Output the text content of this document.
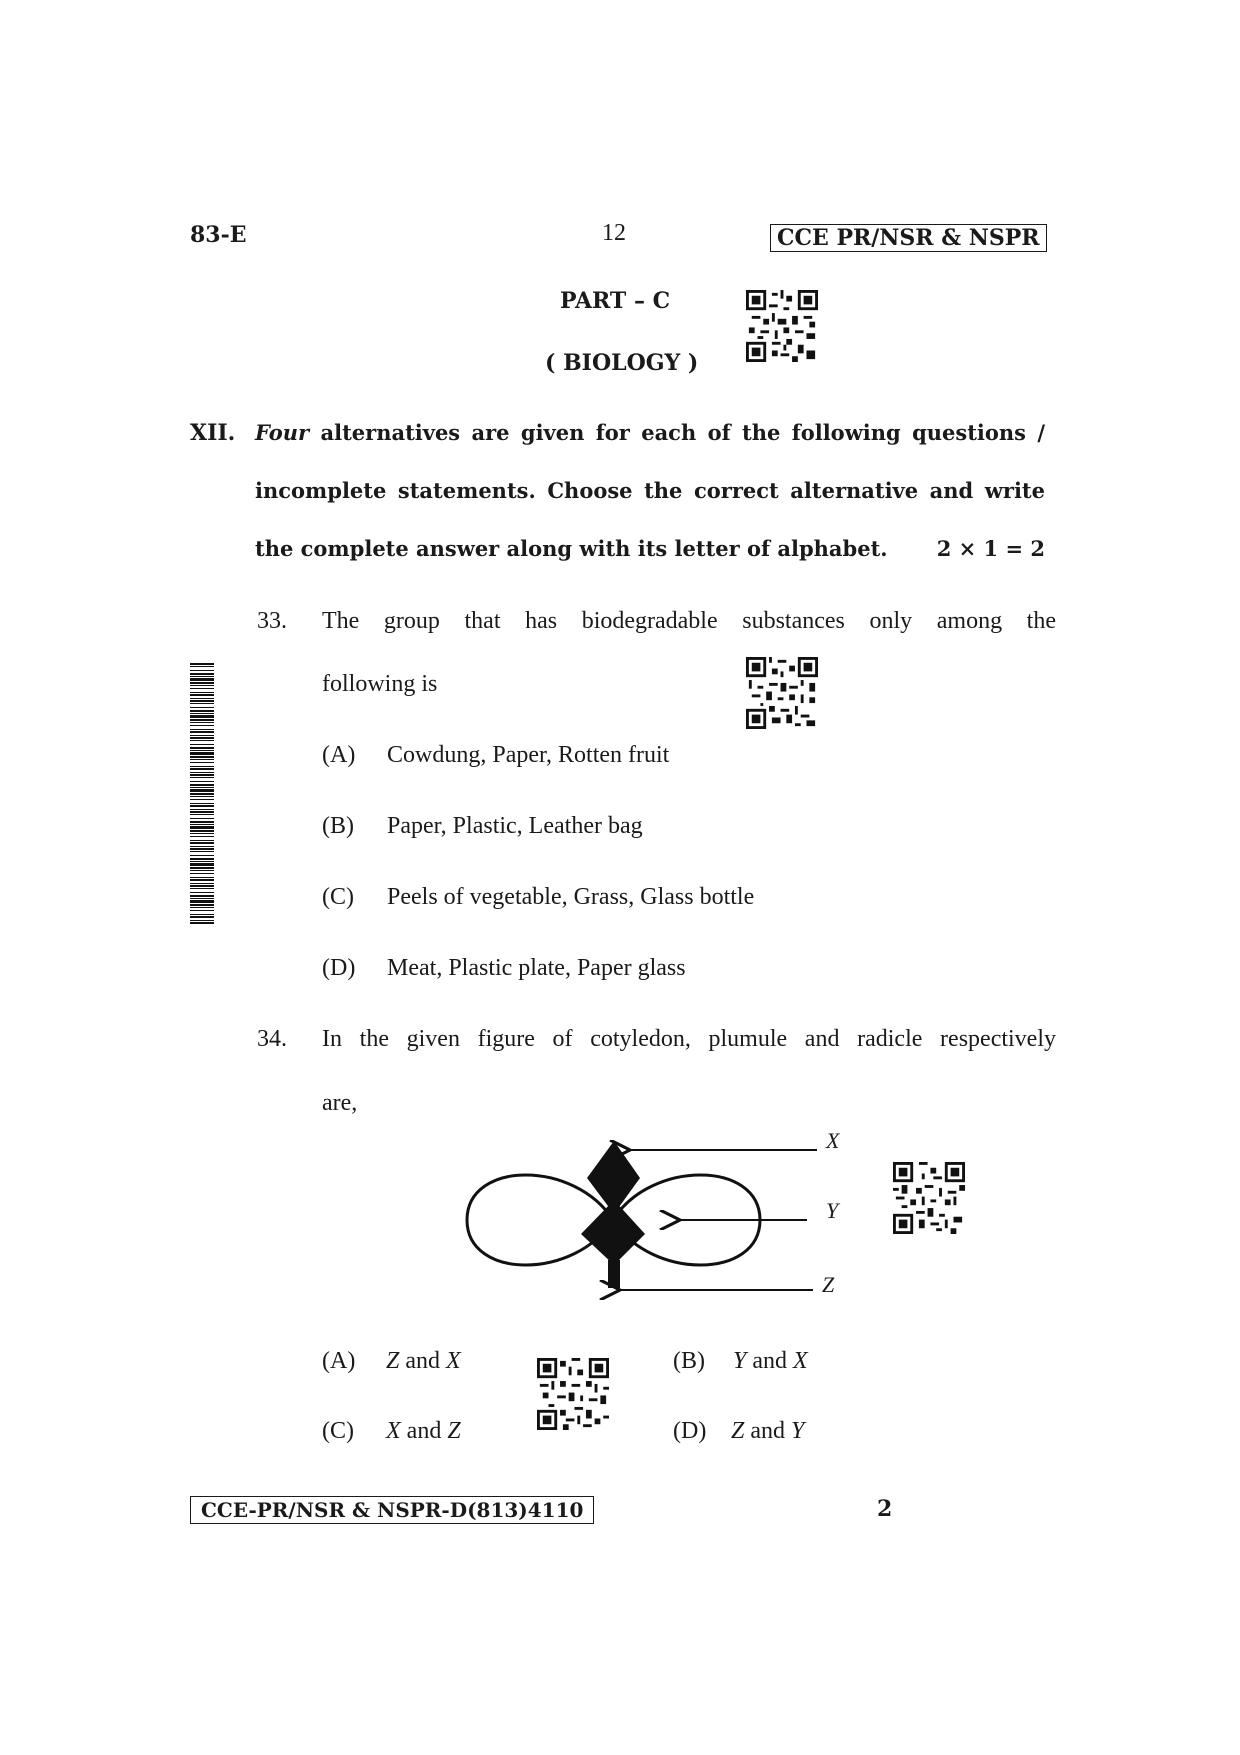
83-E	12	CCE PR/NSR & NSPR
PART – C
( BIOLOGY )
XII. Four alternatives are given for each of the following questions /
incomplete statements. Choose the correct alternative and write
the complete answer along with its letter of alphabet. 2 × 1 = 2
33. The group that has biodegradable substances only among the
following is
(A) Cowdung, Paper, Rotten fruit
(B) Paper, Plastic, Leather bag
(C) Peels of vegetable, Grass, Glass bottle
(D) Meat, Plastic plate, Paper glass
34. In the given figure of cotyledon, plumule and radicle respectively
are,
X
Y
Z
(A) Z and X	(B) Y and X
(C) X and Z	(D) Z and Y
CCE-PR/NSR & NSPR-D(813)4110	2
